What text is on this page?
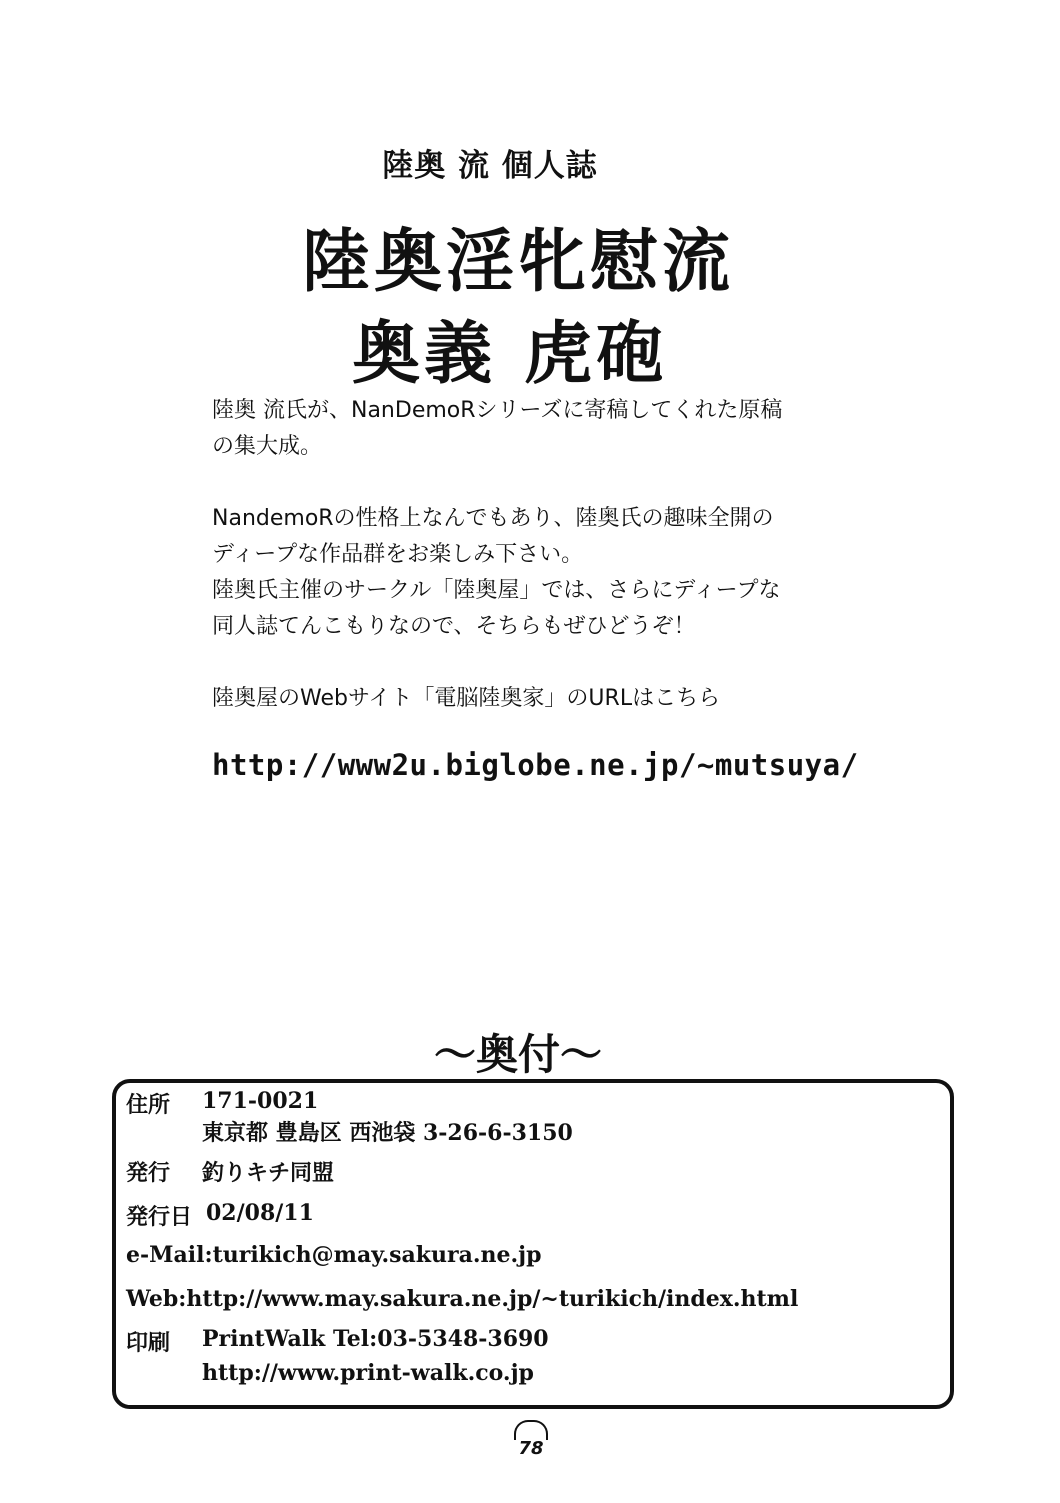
陸奥 流 個人誌
陸奥淫牝慰流
奥義 虎砲

陸奥 流氏が、NanDemoRシリーズに寄稿してくれた原稿

の集大成。

NandemoRの性格上なんでもあり、陸奥氏の趣味全開の

ディープな作品群をお楽しみ下さい。

陸奥氏主催のサークル「陸奥屋」では、さらにディープな

同人誌てんこもりなので、そちらもぜひどうぞ！

陸奥屋のWebサイト「電脳陸奥家」のURLはこちら

http://www2u.biglobe.ne.jp/~mutsuya/
～奥付～
住所 171-0021
東京都 豊島区 西池袋 3-26-6-3150
発行 釣りキチ同盟
発行日 02/08/11
e-Mail:turikich@may.sakura.ne.jp
Web:http://www.may.sakura.ne.jp/~turikich/index.html
印刷 PrintWalk Tel:03-5348-3690
http://www.print-walk.co.jp
78
